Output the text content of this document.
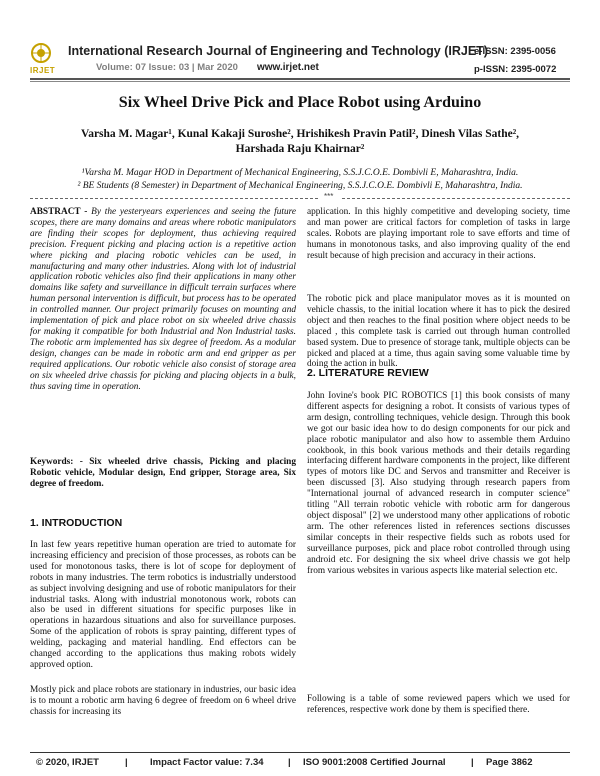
IRJET
International Research Journal of Engineering and Technology (IRJET)
Volume: 07 Issue: 03 | Mar 2020 www.irjet.net
e-ISSN: 2395-0056
p-ISSN: 2395-0072
Six Wheel Drive Pick and Place Robot using Arduino
Varsha M. Magar¹, Kunal Kakaji Suroshe², Hrishikesh Pravin Patil², Dinesh Vilas Sathe²,
Harshada Raju Khairnar²
¹Varsha M. Magar HOD in Department of Mechanical Engineering, S.S.J.C.O.E. Dombivli E, Maharashtra, India.
² BE Students (8 Semester) in Department of Mechanical Engineering, S.S.J.C.O.E. Dombivli E, Maharashtra, India.
***
ABSTRACT - By the yesteryears experiences and seeing the future scopes, there are many domains and areas where robotic manipulators are finding their scopes for deployment, thus achieving required precision. Frequent picking and placing action is a repetitive action where picking and placing robotic vehicles can be used, in manufacturing and many other industries. Along with lot of industrial application robotic vehicles also find their applications in many other domains like safety and surveillance in difficult terrain surfaces where human personal intervention is difficult, but process has to be operated in controlled manner. Our project primarily focuses on mounting and implementation of pick and place robot on six wheeled drive chassis for making it compatible for both Industrial and Non Industrial tasks. The robotic arm implemented has six degree of freedom. As a modular design, changes can be made in robotic arm and end gripper as per required applications. Our robotic vehicle also consist of storage area on six wheeled drive chassis for picking and placing objects in a bulk, thus saving time in operation.
Keywords: - Six wheeled drive chassis, Picking and placing Robotic vehicle, Modular design, End gripper, Storage area, Six degree of freedom.
1. INTRODUCTION
In last few years repetitive human operation are tried to automate for increasing efficiency and precision of those processes, as robots can be used for monotonous tasks, there is lot of scope for deployment of robots in many industries. The term robotics is industrially understood as subject involving designing and use of robotic manipulators for their industrial tasks. Along with industrial monotonous work, robots can also be used in different situations for specific purposes like in operations in hazardous situations and also for surveillance purposes. Some of the application of robots is spray painting, different types of welding, packaging and material handling. End effectors can be changed according to the applications thus making robots widely approved option.
Mostly pick and place robots are stationary in industries, our basic idea is to mount a robotic arm having 6 degree of freedom on 6 wheel drive chassis for increasing its
application. In this highly competitive and developing society, time and man power are critical factors for completion of tasks in large scales. Robots are playing important role to save efforts and time of humans in monotonous tasks, and also improving quality of the end result because of high precision and accuracy in their actions.
The robotic pick and place manipulator moves as it is mounted on vehicle chassis, to the initial location where it has to pick the desired object and then reaches to the final position where object needs to be placed , this complete task is carried out through human controlled based system. Due to presence of storage tank, multiple objects can be picked and placed at a time, thus again saving some valuable time by doing the action in bulk.
2. LITERATURE REVIEW
John Iovine's book PIC ROBOTICS [1] this book consists of many different aspects for designing a robot. It consists of various types of arm design, controlling techniques, vehicle design. Through this book we got our basic idea how to do design components for our pick and place robotic manipulator and also how to assemble them Arduino cookbook, in this book various methods and their details regarding interfacing different hardware components in the project, like different types of motors like DC and Servos and transmitter and Receiver is been discussed [3]. Also studying through research papers from "International journal of advanced research in computer science" titling "All terrain robotic vehicle with robotic arm for dangerous object disposal" [2] we understood many other applications of robotic arm. The other references listed in references sections discusses similar concepts in their respective fields such as robots used for surveillance purposes, pick and place robot controlled through using android etc. For designing the six wheel drive chassis we got help from various websites in various aspects like material selection etc.
Following is a table of some reviewed papers which we used for references, respective work done by them is specified there.
© 2020, IRJET	| Impact Factor value: 7.34	| ISO 9001:2008 Certified Journal	| Page 3862
